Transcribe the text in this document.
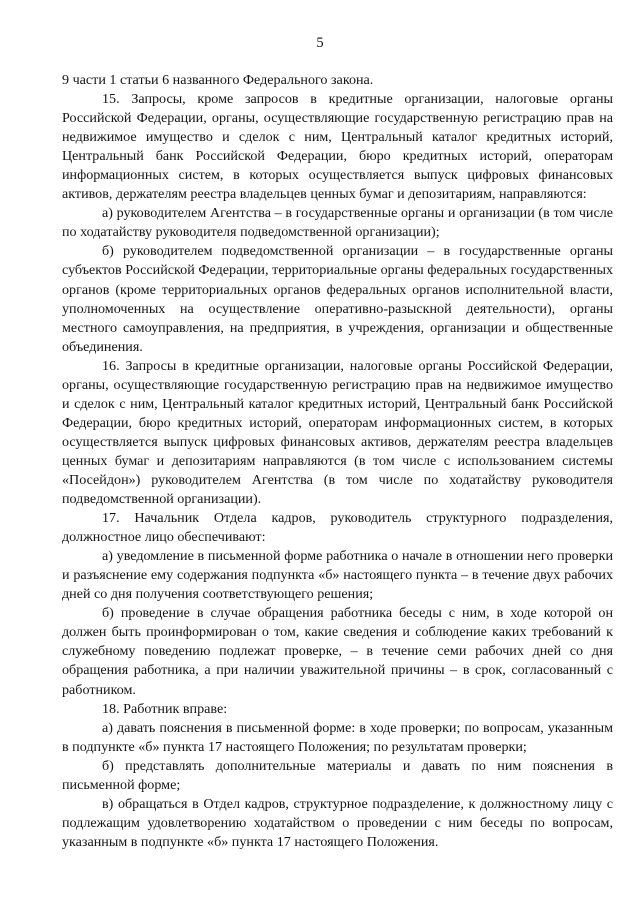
5

9 части 1 статьи 6 названного Федерального закона.

15. Запросы, кроме запросов в кредитные организации, налоговые органы Российской Федерации, органы, осуществляющие государственную регистрацию прав на недвижимое имущество и сделок с ним, Центральный каталог кредитных историй, Центральный банк Российской Федерации, бюро кредитных историй, операторам информационных систем, в которых осуществляется выпуск цифровых финансовых активов, держателям реестра владельцев ценных бумаг и депозитариям, направляются:

а) руководителем Агентства – в государственные органы и организации (в том числе по ходатайству руководителя подведомственной организации);

б) руководителем подведомственной организации – в государственные органы субъектов Российской Федерации, территориальные органы федеральных государственных органов (кроме территориальных органов федеральных органов исполнительной власти, уполномоченных на осуществление оперативно-разыскной деятельности), органы местного самоуправления, на предприятия, в учреждения, организации и общественные объединения.

16. Запросы в кредитные организации, налоговые органы Российской Федерации, органы, осуществляющие государственную регистрацию прав на недвижимое имущество и сделок с ним, Центральный каталог кредитных историй, Центральный банк Российской Федерации, бюро кредитных историй, операторам информационных систем, в которых осуществляется выпуск цифровых финансовых активов, держателям реестра владельцев ценных бумаг и депозитариям направляются (в том числе с использованием системы «Посейдон») руководителем Агентства (в том числе по ходатайству руководителя подведомственной организации).

17. Начальник Отдела кадров, руководитель структурного подразделения, должностное лицо обеспечивают:

а) уведомление в письменной форме работника о начале в отношении него проверки и разъяснение ему содержания подпункта «б» настоящего пункта – в течение двух рабочих дней со дня получения соответствующего решения;

б) проведение в случае обращения работника беседы с ним, в ходе которой он должен быть проинформирован о том, какие сведения и соблюдение каких требований к служебному поведению подлежат проверке, – в течение семи рабочих дней со дня обращения работника, а при наличии уважительной причины – в срок, согласованный с работником.

18. Работник вправе:

а) давать пояснения в письменной форме: в ходе проверки; по вопросам, указанным в подпункте «б» пункта 17 настоящего Положения; по результатам проверки;

б) представлять дополнительные материалы и давать по ним пояснения в письменной форме;

в) обращаться в Отдел кадров, структурное подразделение, к должностному лицу с подлежащим удовлетворению ходатайством о проведении с ним беседы по вопросам, указанным в подпункте «б» пункта 17 настоящего Положения.
